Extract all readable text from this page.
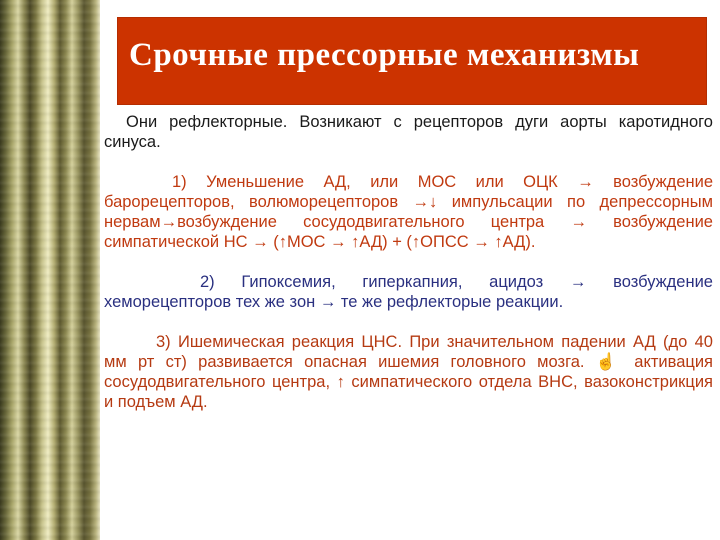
Срочные прессорные механизмы

Они рефлекторные. Возникают с рецепторов дуги аорты каротидного синуса.

1) Уменьшение АД, или МОС или ОЦК → возбуждение барорецепторов, волюморецепторов →↓ импульсации по депрессорным нервам→возбуждение сосудодвигательного центра → возбуждение симпатической НС → (↑МОС → ↑АД) + (↑ОПСС → ↑АД).

2) Гипоксемия, гиперкапния, ацидоз → возбуждение хеморецепторов тех же зон → те же рефлекторые реакции.

3) Ишемическая реакция ЦНС. При значительном падении АД (до 40 мм рт ст) развивается опасная ишемия головного мозга. ☝ активация сосудодвигательного центра, ↑ симпатического отдела ВНС, вазоконстрикция и подъем АД.
